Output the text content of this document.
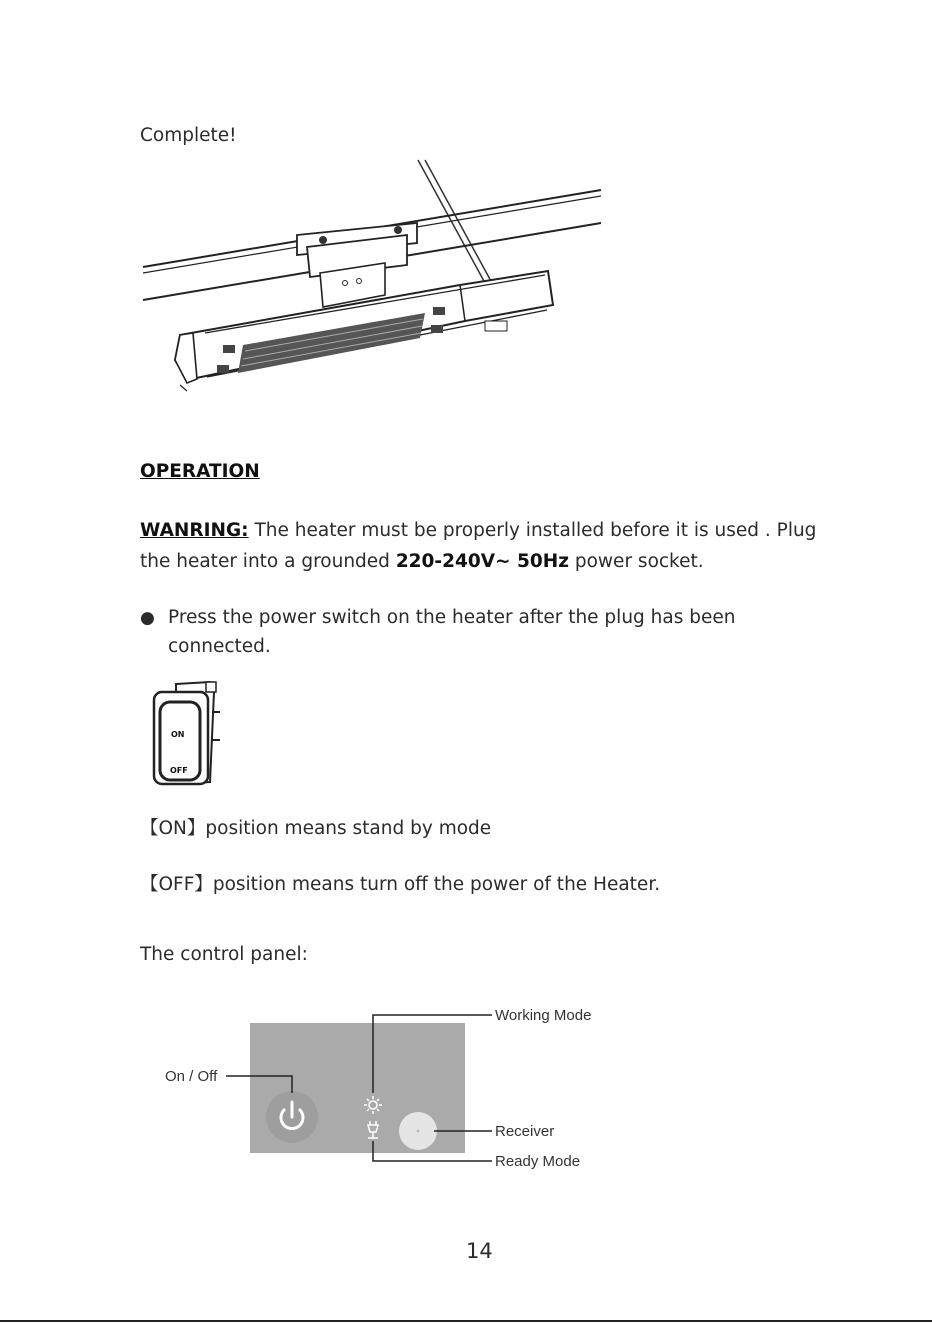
Complete!
OPERATION
WANRING: The heater must be properly installed before it is used . Plug
the heater into a grounded 220-240V~ 50Hz power socket.
● Press the power switch on the heater after the plug has been
connected.
ON
OFF
【ON】position means stand by mode
【OFF】position means turn off the power of the Heater.
The control panel:
On / Off
Working Mode
Receiver
Ready Mode
14
